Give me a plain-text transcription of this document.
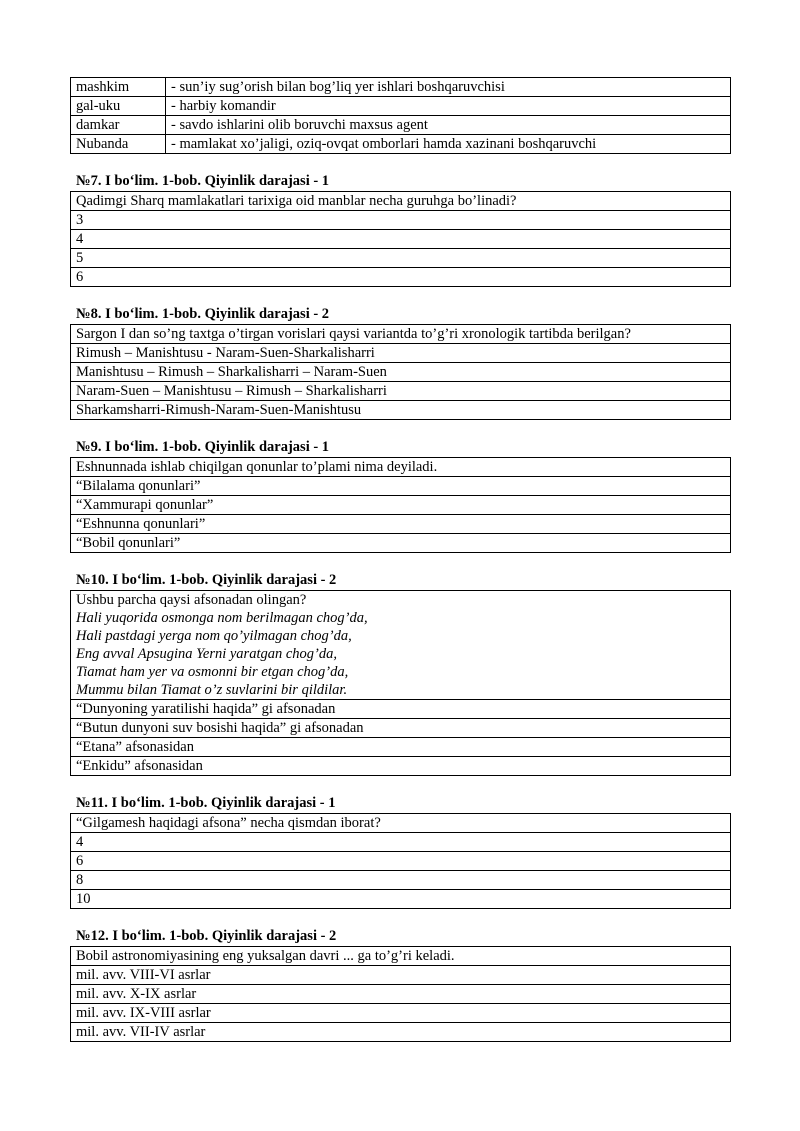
mashkim	- sun’iy sug’orish bilan bog’liq yer ishlari boshqaruvchisi
gal-uku	- harbiy komandir
damkar	- savdo ishlarini olib boruvchi maxsus agent
Nubanda	- mamlakat xo’jaligi, oziq-ovqat omborlari hamda xazinani boshqaruvchi
№7. I bo‘lim. 1-bob. Qiyinlik darajasi - 1
Qadimgi Sharq mamlakatlari tarixiga oid manblar necha guruhga bo’linadi?
3
4
5
6
№8. I bo‘lim. 1-bob. Qiyinlik darajasi - 2
Sargon I dan so’ng taxtga o’tirgan vorislari qaysi variantda to’g’ri xronologik tartibda berilgan?
Rimush – Manishtusu - Naram-Suen-Sharkalisharri
Manishtusu – Rimush – Sharkalisharri – Naram-Suen
Naram-Suen – Manishtusu – Rimush – Sharkalisharri
Sharkamsharri-Rimush-Naram-Suen-Manishtusu
№9. I bo‘lim. 1-bob. Qiyinlik darajasi - 1
Eshnunnada ishlab chiqilgan qonunlar to’plami nima deyiladi.
“Bilalama qonunlari”
“Xammurapi qonunlar”
“Eshnunna qonunlari”
“Bobil qonunlari”
№10. I bo‘lim. 1-bob. Qiyinlik darajasi - 2
Ushbu parcha qaysi afsonadan olingan?
Hali yuqorida osmonga nom berilmagan chog’da,
Hali pastdagi yerga nom qo’yilmagan chog’da,
Eng avval Apsugina Yerni yaratgan chog’da,
Tiamat ham yer va osmonni bir etgan chog’da,
Mummu bilan Tiamat o’z suvlarini bir qildilar.

“Dunyoning yaratilishi haqida” gi afsonadan
“Butun dunyoni suv bosishi haqida” gi afsonadan
“Etana” afsonasidan
“Enkidu” afsonasidan
№11. I bo‘lim. 1-bob. Qiyinlik darajasi - 1
“Gilgamesh haqidagi afsona” necha qismdan iborat?
4
6
8
10
№12. I bo‘lim. 1-bob. Qiyinlik darajasi - 2
Bobil astronomiyasining eng yuksalgan davri ... ga to’g’ri keladi.
mil. avv. VIII-VI asrlar
mil. avv. X-IX asrlar
mil. avv. IX-VIII asrlar
mil. avv. VII-IV asrlar
